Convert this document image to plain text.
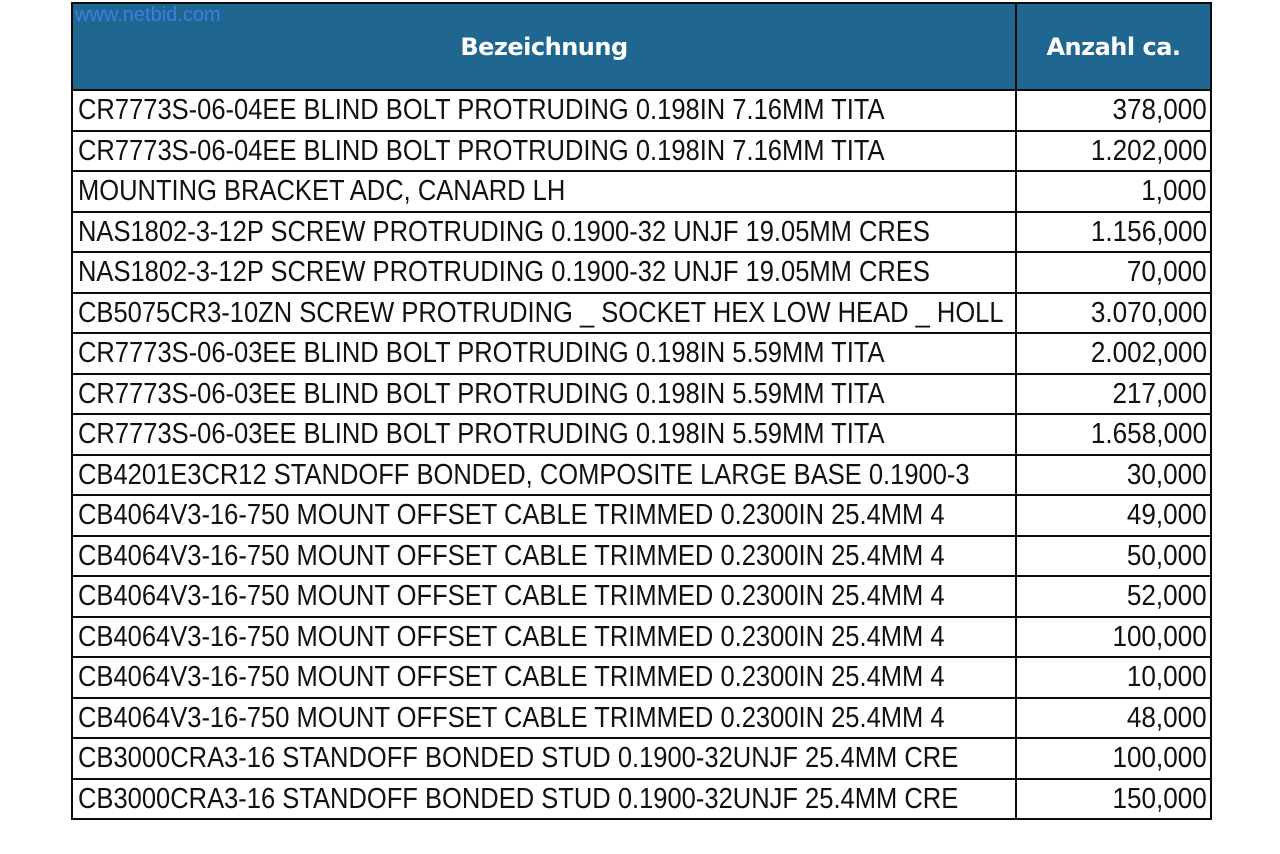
www.netbid.com
Bezeichnung	Anzahl ca.
CR7773S-06-04EE BLIND BOLT PROTRUDING 0.198IN 7.16MM TITA	378,000
CR7773S-06-04EE BLIND BOLT PROTRUDING 0.198IN 7.16MM TITA	1.202,000
MOUNTING BRACKET ADC, CANARD LH	1,000
NAS1802-3-12P SCREW PROTRUDING 0.1900-32 UNJF 19.05MM CRES	1.156,000
NAS1802-3-12P SCREW PROTRUDING 0.1900-32 UNJF 19.05MM CRES	70,000
CB5075CR3-10ZN SCREW PROTRUDING _ SOCKET HEX LOW HEAD _ HOLL	3.070,000
CR7773S-06-03EE BLIND BOLT PROTRUDING 0.198IN 5.59MM TITA	2.002,000
CR7773S-06-03EE BLIND BOLT PROTRUDING 0.198IN 5.59MM TITA	217,000
CR7773S-06-03EE BLIND BOLT PROTRUDING 0.198IN 5.59MM TITA	1.658,000
CB4201E3CR12 STANDOFF BONDED, COMPOSITE LARGE BASE 0.1900-3	30,000
CB4064V3-16-750 MOUNT OFFSET CABLE TRIMMED 0.2300IN 25.4MM 4	49,000
CB4064V3-16-750 MOUNT OFFSET CABLE TRIMMED 0.2300IN 25.4MM 4	50,000
CB4064V3-16-750 MOUNT OFFSET CABLE TRIMMED 0.2300IN 25.4MM 4	52,000
CB4064V3-16-750 MOUNT OFFSET CABLE TRIMMED 0.2300IN 25.4MM 4	100,000
CB4064V3-16-750 MOUNT OFFSET CABLE TRIMMED 0.2300IN 25.4MM 4	10,000
CB4064V3-16-750 MOUNT OFFSET CABLE TRIMMED 0.2300IN 25.4MM 4	48,000
CB3000CRA3-16 STANDOFF BONDED STUD 0.1900-32UNJF 25.4MM CRE	100,000
CB3000CRA3-16 STANDOFF BONDED STUD 0.1900-32UNJF 25.4MM CRE	150,000
